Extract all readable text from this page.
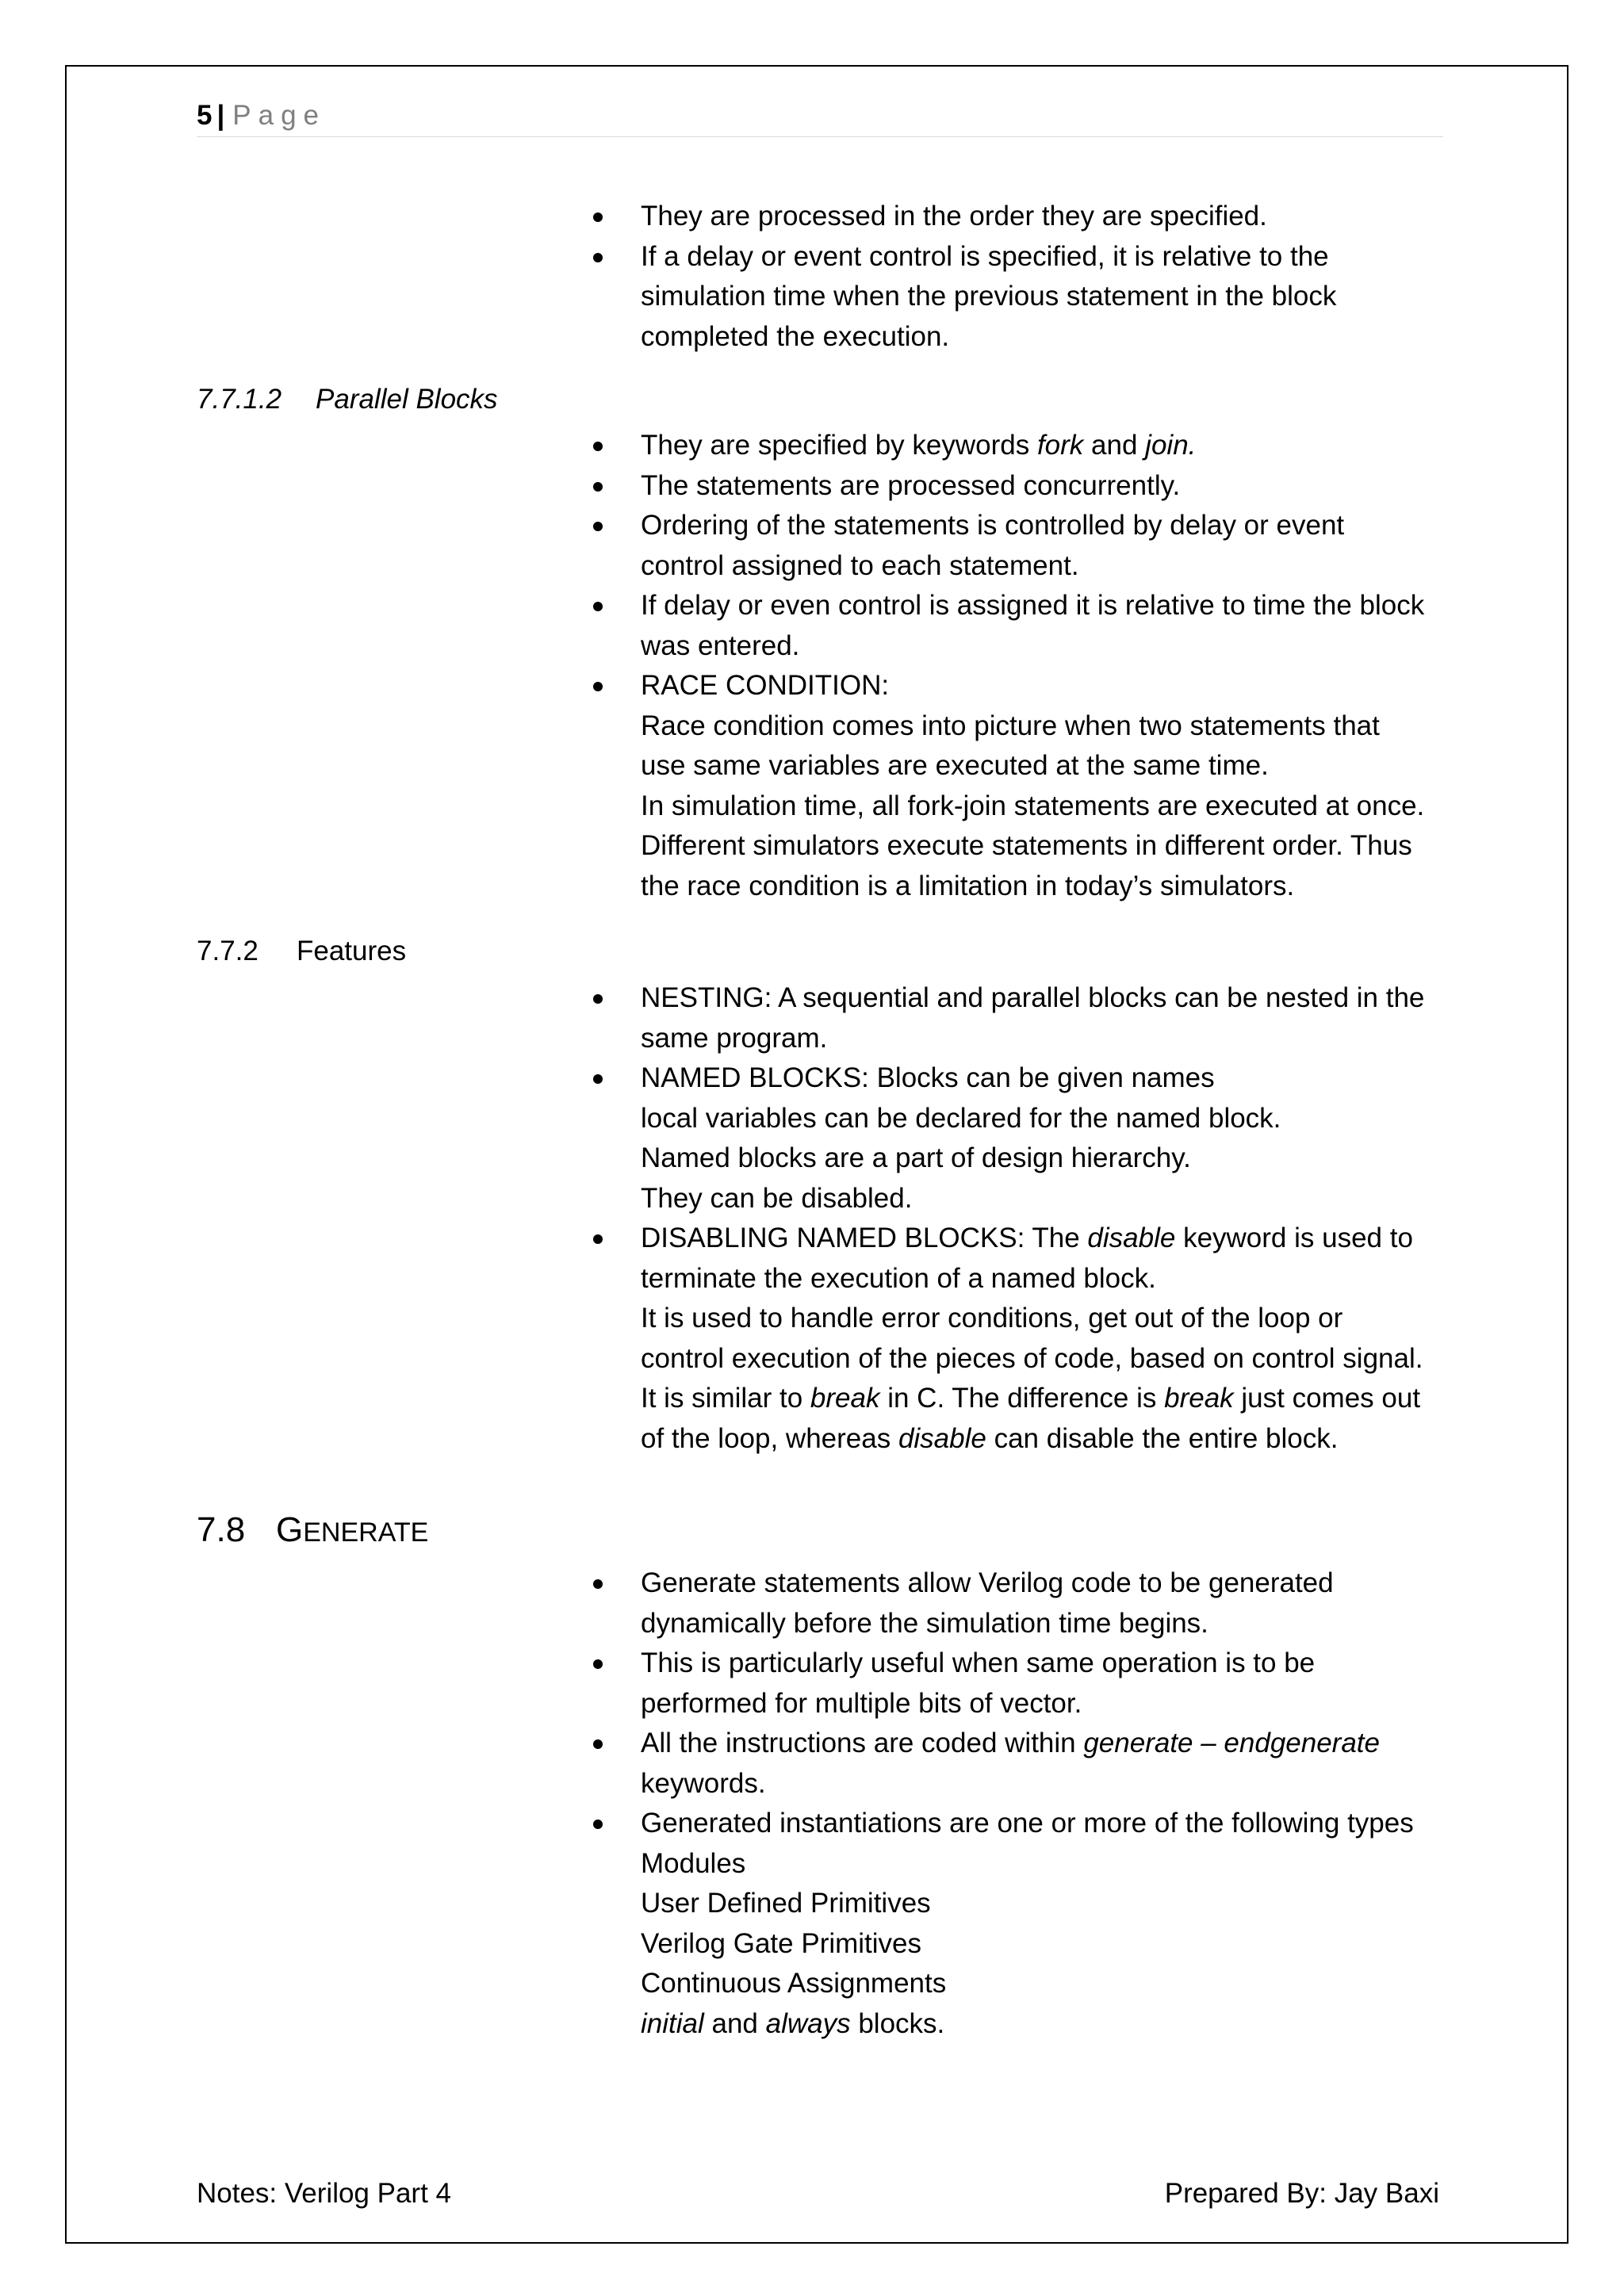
5 | Page
They are processed in the order they are specified.
If a delay or event control is specified, it is relative to the
simulation time when the previous statement in the block
completed the execution.
7.7.1.2 Parallel Blocks
They are specified by keywords fork and join.
The statements are processed concurrently.
Ordering of the statements is controlled by delay or event
control assigned to each statement.
If delay or even control is assigned it is relative to time the block
was entered.
RACE CONDITION:
Race condition comes into picture when two statements that
use same variables are executed at the same time.
In simulation time, all fork-join statements are executed at once.
Different simulators execute statements in different order. Thus
the race condition is a limitation in today’s simulators.
7.7.2 Features
NESTING: A sequential and parallel blocks can be nested in the
same program.
NAMED BLOCKS: Blocks can be given names
local variables can be declared for the named block.
Named blocks are a part of design hierarchy.
They can be disabled.
DISABLING NAMED BLOCKS: The disable keyword is used to
terminate the execution of a named block.
It is used to handle error conditions, get out of the loop or
control execution of the pieces of code, based on control signal.
It is similar to break in C. The difference is break just comes out
of the loop, whereas disable can disable the entire block.
7.8 GENERATE
Generate statements allow Verilog code to be generated
dynamically before the simulation time begins.
This is particularly useful when same operation is to be
performed for multiple bits of vector.
All the instructions are coded within generate – endgenerate
keywords.
Generated instantiations are one or more of the following types
Modules
User Defined Primitives
Verilog Gate Primitives
Continuous Assignments
initial and always blocks.
Notes: Verilog Part 4	Prepared By: Jay Baxi
